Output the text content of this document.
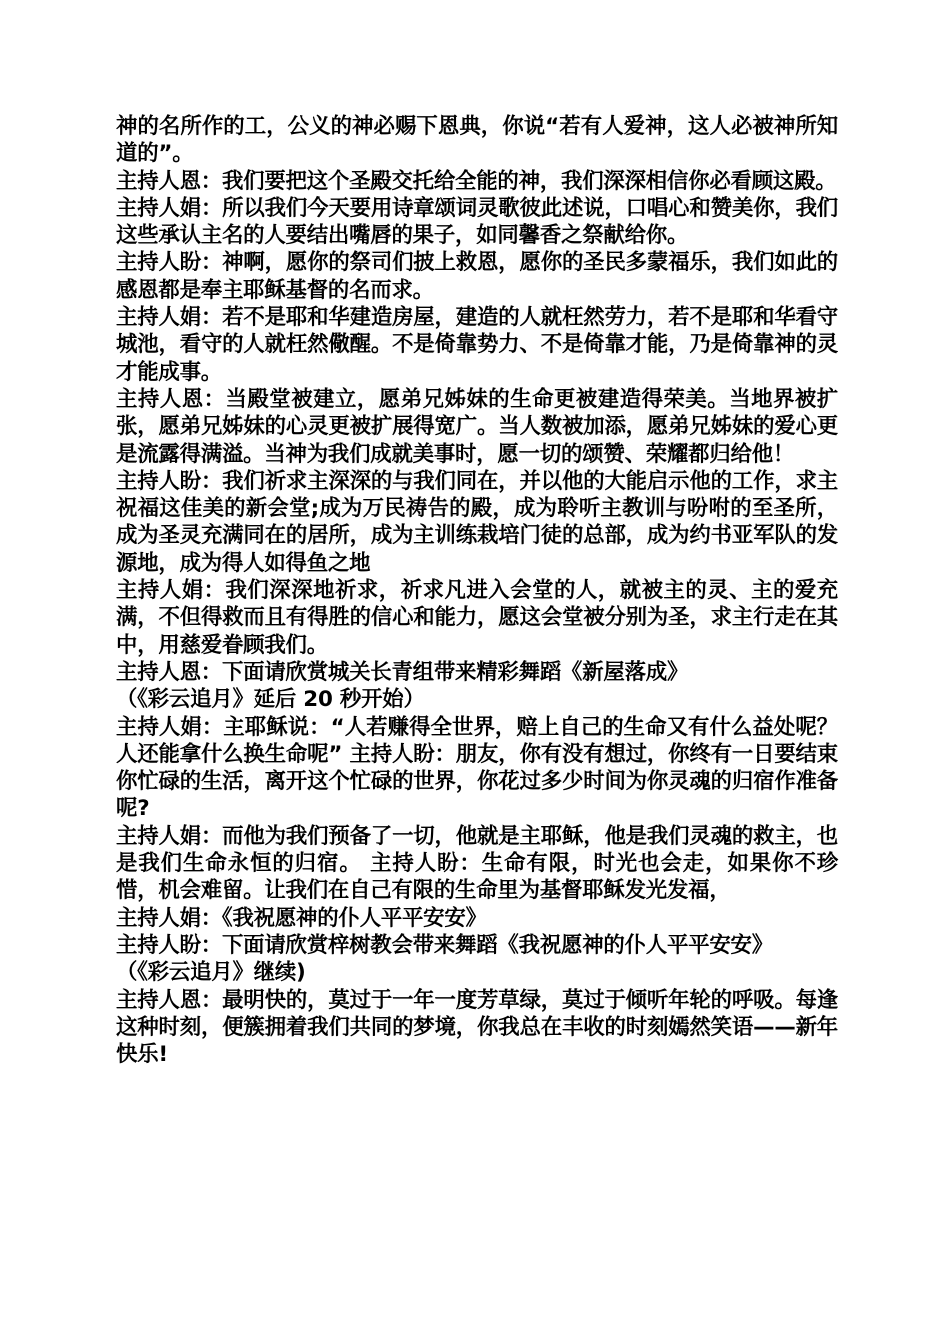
神的名所作的工，公义的神必赐下恩典，你说“若有人爱神，这人必被神所知道的”。

主持人恩：我们要把这个圣殿交托给全能的神，我们深深相信你必看顾这殿。

主持人娟：所以我们今天要用诗章颂词灵歌彼此述说，口唱心和赞美你，我们这些承认主名的人要结出嘴唇的果子，如同馨香之祭献给你。

主持人盼：神啊，愿你的祭司们披上救恩，愿你的圣民多蒙福乐，我们如此的感恩都是奉主耶稣基督的名而求。

主持人娟：若不是耶和华建造房屋，建造的人就枉然劳力，若不是耶和华看守城池，看守的人就枉然儆醒。不是倚靠势力、不是倚靠才能，乃是倚靠神的灵才能成事。

主持人恩：当殿堂被建立，愿弟兄姊妹的生命更被建造得荣美。当地界被扩张，愿弟兄姊妹的心灵更被扩展得宽广。当人数被加添，愿弟兄姊妹的爱心更是流露得满溢。当神为我们成就美事时，愿一切的颂赞、荣耀都归给他！

主持人盼：我们祈求主深深的与我们同在，并以他的大能启示他的工作，求主祝福这佳美的新会堂;成为万民祷告的殿，成为聆听主教训与吩咐的至圣所，成为圣灵充满同在的居所，成为主训练栽培门徒的总部，成为约书亚军队的发源地，成为得人如得鱼之地

主持人娟：我们深深地祈求，祈求凡进入会堂的人，就被主的灵、主的爱充满，不但得救而且有得胜的信心和能力，愿这会堂被分别为圣，求主行走在其中，用慈爱眷顾我们。

主持人恩：下面请欣赏城关长青组带来精彩舞蹈《新屋落成》

（《彩云追月》延后 20 秒开始）

主持人娟：主耶稣说：“人若赚得全世界，赔上自己的生命又有什么益处呢？人还能拿什么换生命呢” 主持人盼：朋友，你有没有想过，你终有一日要结束你忙碌的生活，离开这个忙碌的世界，你花过多少时间为你灵魂的归宿作准备呢?

主持人娟：而他为我们预备了一切，他就是主耶稣，他是我们灵魂的救主，也是我们生命永恒的归宿。 主持人盼：生命有限，时光也会走，如果你不珍惜，机会难留。让我们在自己有限的生命里为基督耶稣发光发福，

主持人娟：《我祝愿神的仆人平平安安》

主持人盼：下面请欣赏梓树教会带来舞蹈《我祝愿神的仆人平平安安》

（《彩云追月》继续)

主持人恩：最明快的，莫过于一年一度芳草绿，莫过于倾听年轮的呼吸。每逢这种时刻，便簇拥着我们共同的梦境，你我总在丰收的时刻嫣然笑语——新年快乐!
